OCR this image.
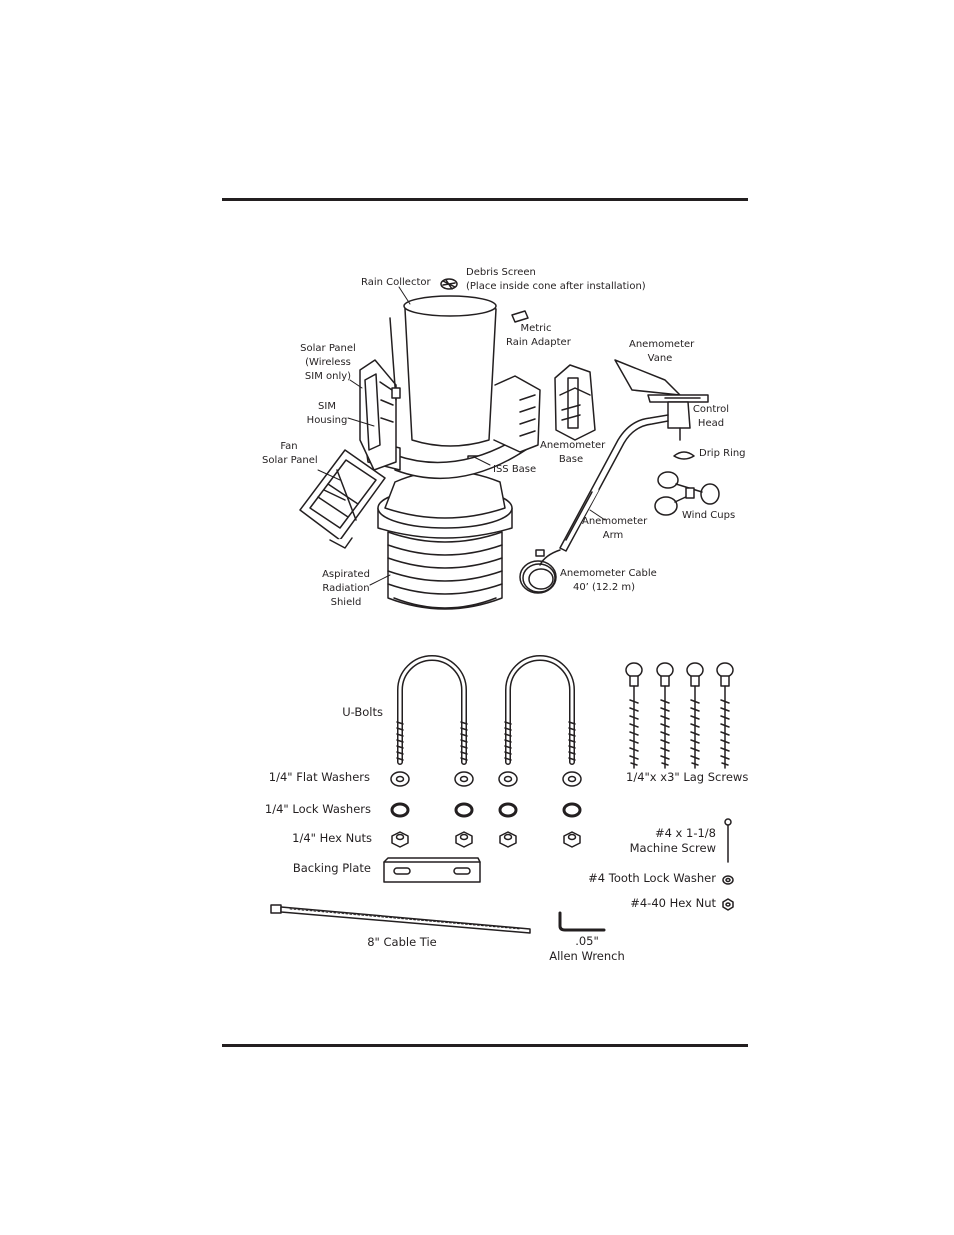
Rain Collector
Debris Screen
(Place inside cone after installation)
Metric
Rain Adapter
Solar Panel
(Wireless
SIM only)
SIM
Housing
Fan
Solar Panel
ISS Base
Anemometer
Base
Anemometer
Vane
Control
Head
Drip Ring
Wind Cups
Anemometer
Arm
Anemometer Cable
40’ (12.2 m)
Aspirated
Radiation
Shield
U-Bolts
1/4" Flat Washers
1/4" Lock Washers
1/4" Hex Nuts
Backing Plate
1/4"x x3" Lag Screws
#4 x 1-1/8
Machine Screw
#4 Tooth Lock Washer
#4-40 Hex Nut
8" Cable Tie	.05"
Allen Wrench
